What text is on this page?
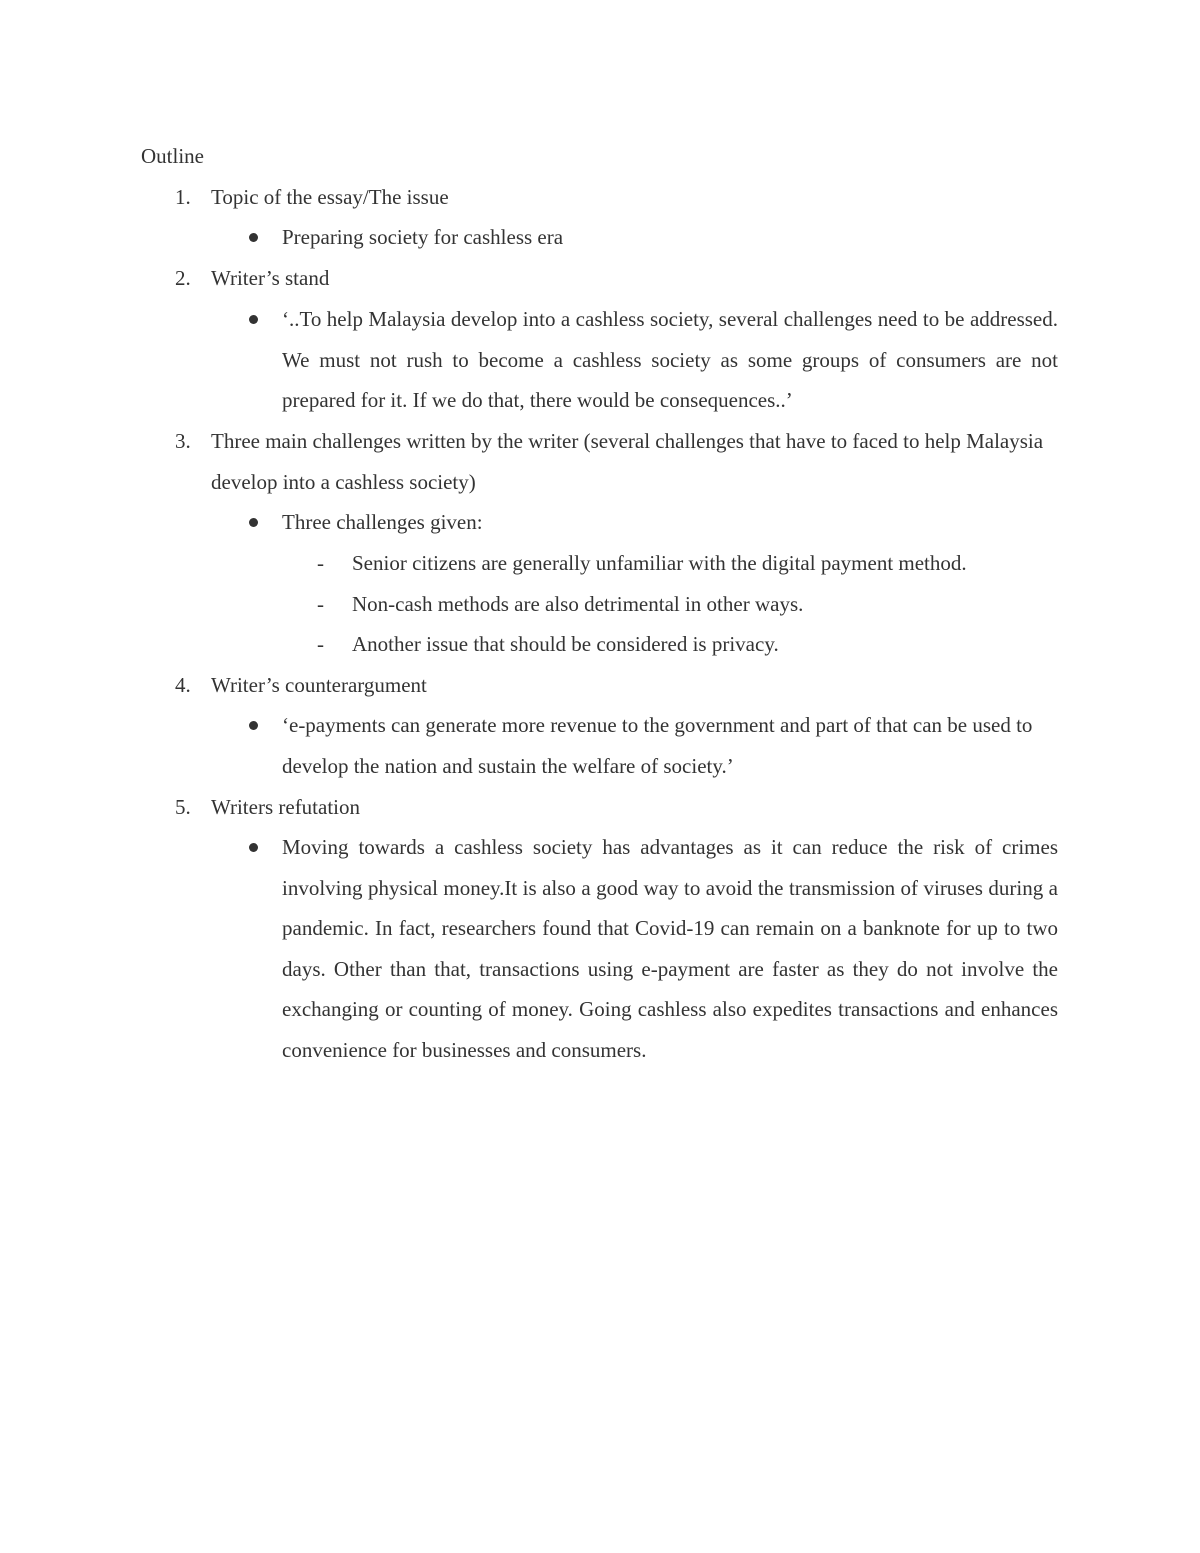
Outline
1. Topic of the essay/The issue
Preparing society for cashless era
2. Writer’s stand
‘..To help Malaysia develop into a cashless society, several challenges need to be addressed. We must not rush to become a cashless society as some groups of consumers are not prepared for it. If we do that, there would be consequences..’
3. Three main challenges written by the writer (several challenges that have to faced to help Malaysia develop into a cashless society)
Three challenges given:
- Senior citizens are generally unfamiliar with the digital payment method.
- Non-cash methods are also detrimental in other ways.
- Another issue that should be considered is privacy.
4. Writer’s counterargument
‘e-payments can generate more revenue to the government and part of that can be used to develop the nation and sustain the welfare of society.’
5. Writers refutation
Moving towards a cashless society has advantages as it can reduce the risk of crimes involving physical money.It is also a good way to avoid the transmission of viruses during a pandemic. In fact, researchers found that Covid-19 can remain on a banknote for up to two days. Other than that, transactions using e-payment are faster as they do not involve the exchanging or counting of money. Going cashless also expedites transactions and enhances convenience for businesses and consumers.
